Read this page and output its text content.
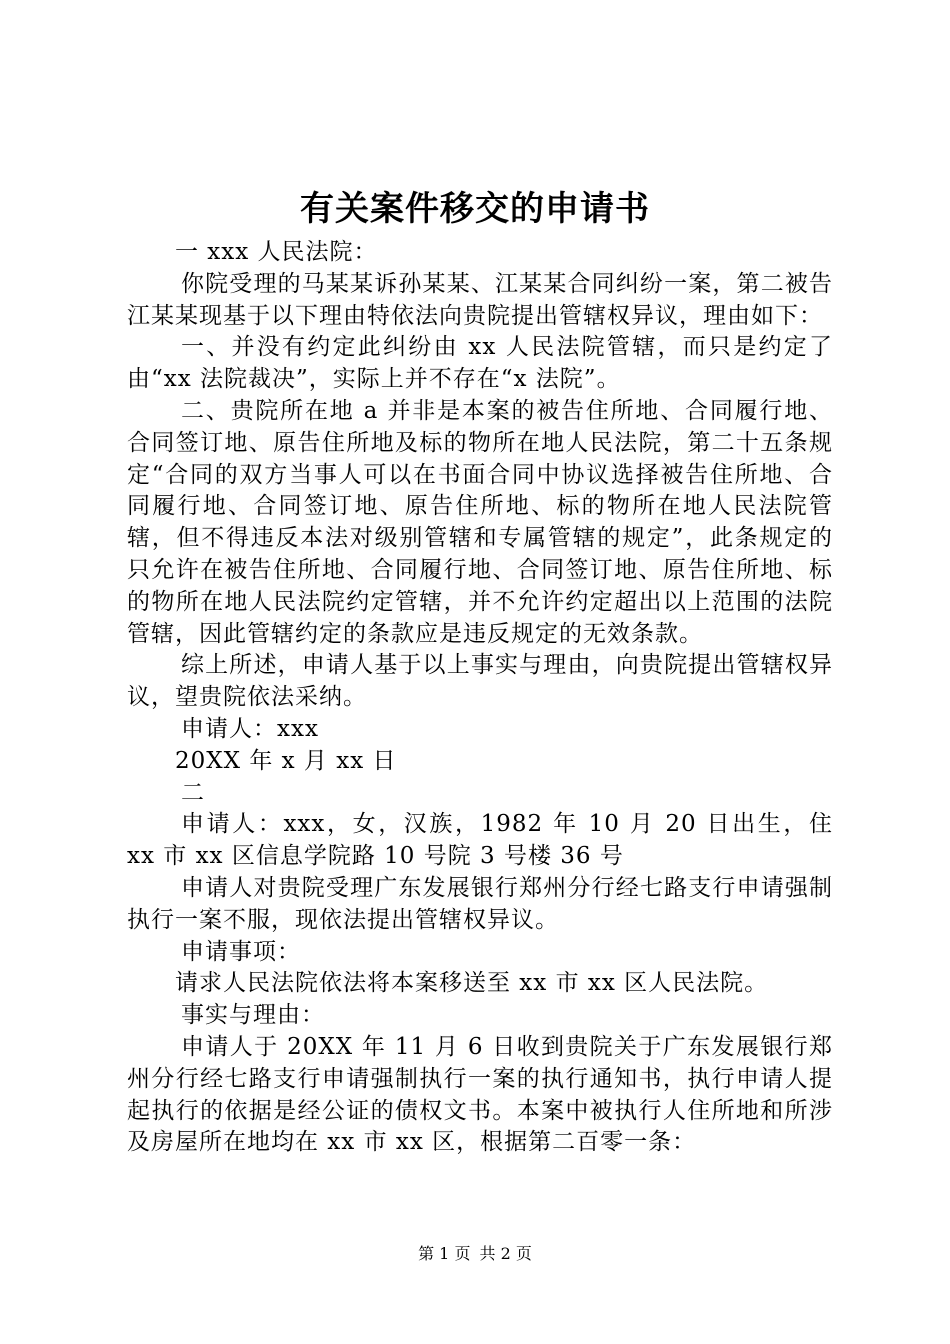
有关案件移交的申请书

一 xxx 人民法院：

你院受理的马某某诉孙某某、江某某合同纠纷一案，第二被告江某某现基于以下理由特依法向贵院提出管辖权异议，理由如下：

一、并没有约定此纠纷由 xx 人民法院管辖，而只是约定了由“xx 法院裁决”，实际上并不存在“x 法院”。

二、贵院所在地 a 并非是本案的被告住所地、合同履行地、合同签订地、原告住所地及标的物所在地人民法院，第二十五条规定“合同的双方当事人可以在书面合同中协议选择被告住所地、合同履行地、合同签订地、原告住所地、标的物所在地人民法院管辖，但不得违反本法对级别管辖和专属管辖的规定”，此条规定的只允许在被告住所地、合同履行地、合同签订地、原告住所地、标的物所在地人民法院约定管辖，并不允许约定超出以上范围的法院管辖，因此管辖约定的条款应是违反规定的无效条款。

综上所述，申请人基于以上事实与理由，向贵院提出管辖权异议，望贵院依法采纳。

申请人：xxx

20XX 年 x 月 xx 日

二

申请人：xxx，女，汉族，1982 年 10 月 20 日出生，住 xx 市 xx 区信息学院路 10 号院 3 号楼 36 号

申请人对贵院受理广东发展银行郑州分行经七路支行申请强制执行一案不服，现依法提出管辖权异议。

申请事项：

请求人民法院依法将本案移送至 xx 市 xx 区人民法院。

事实与理由：

申请人于 20XX 年 11 月 6 日收到贵院关于广东发展银行郑州分行经七路支行申请强制执行一案的执行通知书，执行申请人提起执行的依据是经公证的债权文书。本案中被执行人住所地和所涉及房屋所在地均在 xx 市 xx 区，根据第二百零一条：

第 1 页 共 2 页
